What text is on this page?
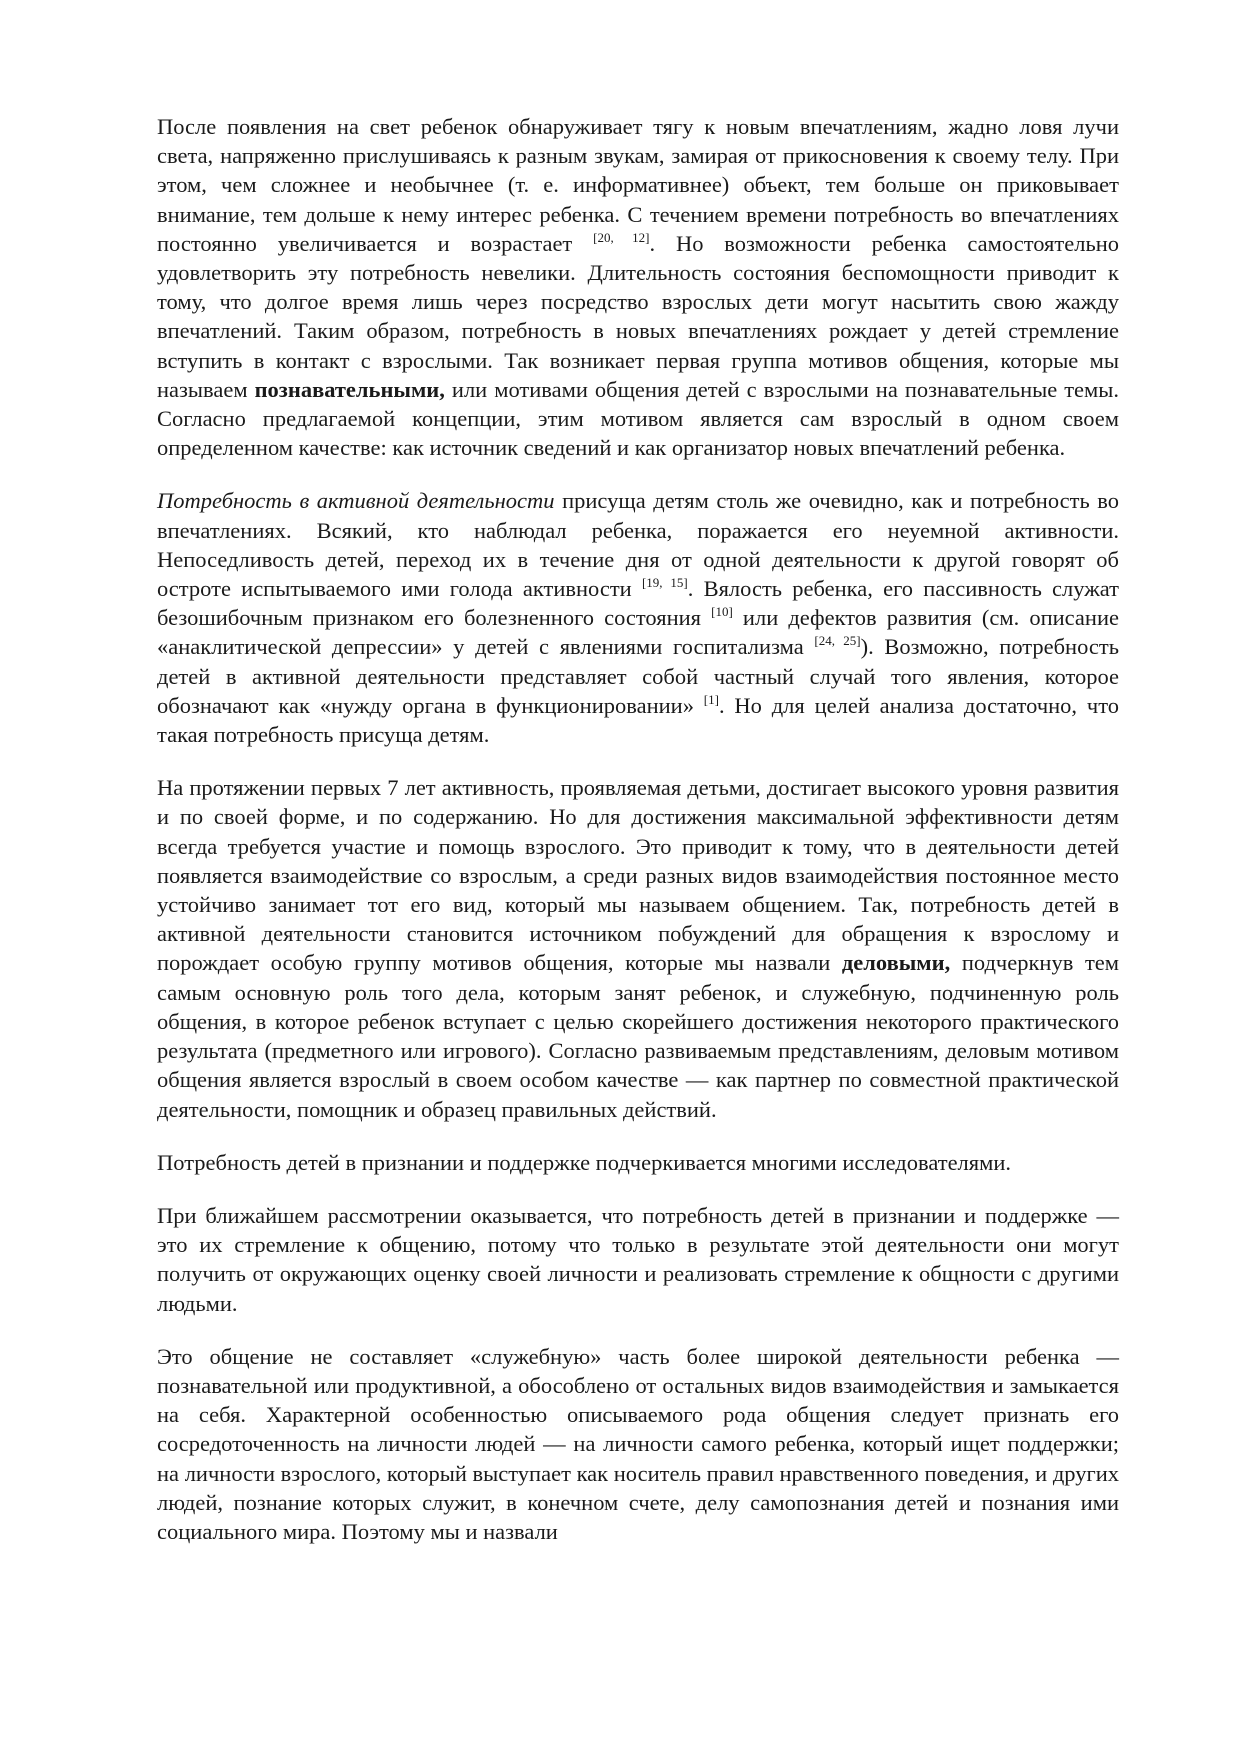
После появления на свет ребенок обнаруживает тягу к новым впечатлениям, жадно ловя лучи света, напряженно прислушиваясь к разным звукам, замирая от прикосновения к своему телу. При этом, чем сложнее и необычнее (т. е. информативнее) объект, тем больше он приковывает внимание, тем дольше к нему интерес ребенка. С течением времени потребность во впечатлениях постоянно увеличивается и возрастает [20, 12]. Но возможности ребенка самостоятельно удовлетворить эту потребность невелики. Длительность состояния беспомощности приводит к тому, что долгое время лишь через посредство взрослых дети могут насытить свою жажду впечатлений. Таким образом, потребность в новых впечатлениях рождает у детей стремление вступить в контакт с взрослыми. Так возникает первая группа мотивов общения, которые мы называем познавательными, или мотивами общения детей с взрослыми на познавательные темы. Согласно предлагаемой концепции, этим мотивом является сам взрослый в одном своем определенном качестве: как источник сведений и как организатор новых впечатлений ребенка.

Потребность в активной деятельности присуща детям столь же очевидно, как и потребность во впечатлениях. Всякий, кто наблюдал ребенка, поражается его неуемной активности. Непоседливость детей, переход их в течение дня от одной деятельности к другой говорят об остроте испытываемого ими голода активности [19, 15]. Вялость ребенка, его пассивность служат безошибочным признаком его болезненного состояния [10] или дефектов развития (см. описание «анаклитической депрессии» у детей с явлениями госпитализма [24, 25]). Возможно, потребность детей в активной деятельности представляет собой частный случай того явления, которое обозначают как «нужду органа в функционировании» [1]. Но для целей анализа достаточно, что такая потребность присуща детям.

На протяжении первых 7 лет активность, проявляемая детьми, достигает высокого уровня развития и по своей форме, и по содержанию. Но для достижения максимальной эффективности детям всегда требуется участие и помощь взрослого. Это приводит к тому, что в деятельности детей появляется взаимодействие со взрослым, а среди разных видов взаимодействия постоянное место устойчиво занимает тот его вид, который мы называем общением. Так, потребность детей в активной деятельности становится источником побуждений для обращения к взрослому и порождает особую группу мотивов общения, которые мы назвали деловыми, подчеркнув тем самым основную роль того дела, которым занят ребенок, и служебную, подчиненную роль общения, в которое ребенок вступает с целью скорейшего достижения некоторого практического результата (предметного или игрового). Согласно развиваемым представлениям, деловым мотивом общения является взрослый в своем особом качестве — как партнер по совместной практической деятельности, помощник и образец правильных действий.

Потребность детей в признании и поддержке подчеркивается многими исследователями.

При ближайшем рассмотрении оказывается, что потребность детей в признании и поддержке — это их стремление к общению, потому что только в результате этой деятельности они могут получить от окружающих оценку своей личности и реализовать стремление к общности с другими людьми.

Это общение не составляет «служебную» часть более широкой деятельности ребенка — познавательной или продуктивной, а обособлено от остальных видов взаимодействия и замыкается на себя. Характерной особенностью описываемого рода общения следует признать его сосредоточенность на личности людей — на личности самого ребенка, который ищет поддержки; на личности взрослого, который выступает как носитель правил нравственного поведения, и других людей, познание которых служит, в конечном счете, делу самопознания детей и познания ими социального мира. Поэтому мы и назвали
